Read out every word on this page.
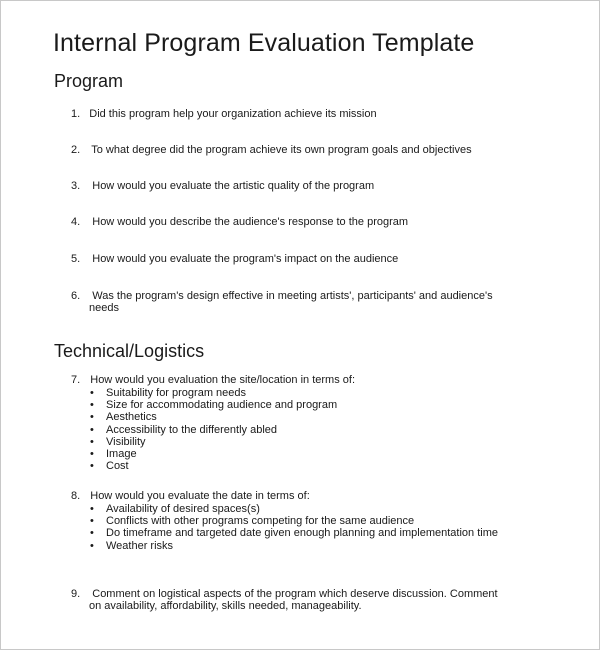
Internal Program Evaluation Template
Program
1. Did this program help your organization achieve its mission
2. To what degree did the program achieve its own program goals and objectives
3. How would you evaluate the artistic quality of the program
4. How would you describe the audience's response to the program
5. How would you evaluate the program's impact on the audience
6. Was the program's design effective in meeting artists', participants' and audience's
needs
Technical/Logistics
7. How would you evaluation the site/location in terms of:
• Suitability for program needs
• Size for accommodating audience and program
• Aesthetics
• Accessibility to the differently abled
• Visibility
• Image
• Cost
8. How would you evaluate the date in terms of:
• Availability of desired spaces(s)
• Conflicts with other programs competing for the same audience
• Do timeframe and targeted date given enough planning and implementation time
• Weather risks
9. Comment on logistical aspects of the program which deserve discussion. Comment
on availability, affordability, skills needed, manageability.
